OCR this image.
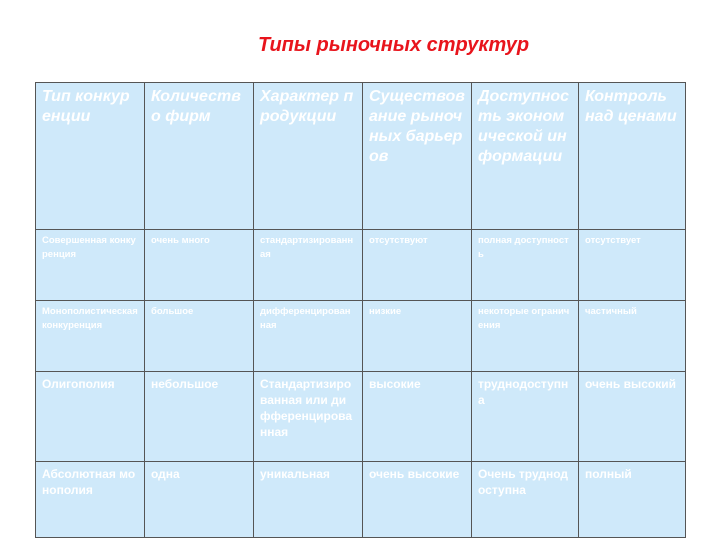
Типы рыночных структур
Тип конкуренции	Количество фирм	Характер продукции	Существование рыночных барьеров	Доступность экономической информации	Контроль над ценами
Совершенная конкуренция	очень много	стандартизированная	отсутствуют	полная доступность	отсутствует
Монополистическая конкуренция	большое	дифференцированная	низкие	некоторые ограничения	частичный
Олигополия	небольшое	Стандартизированная или дифференцированная	высокие	труднодоступна	очень высокий
Абсолютная монополия	одна	уникальная	очень высокие	Очень труднодоступна	полный
